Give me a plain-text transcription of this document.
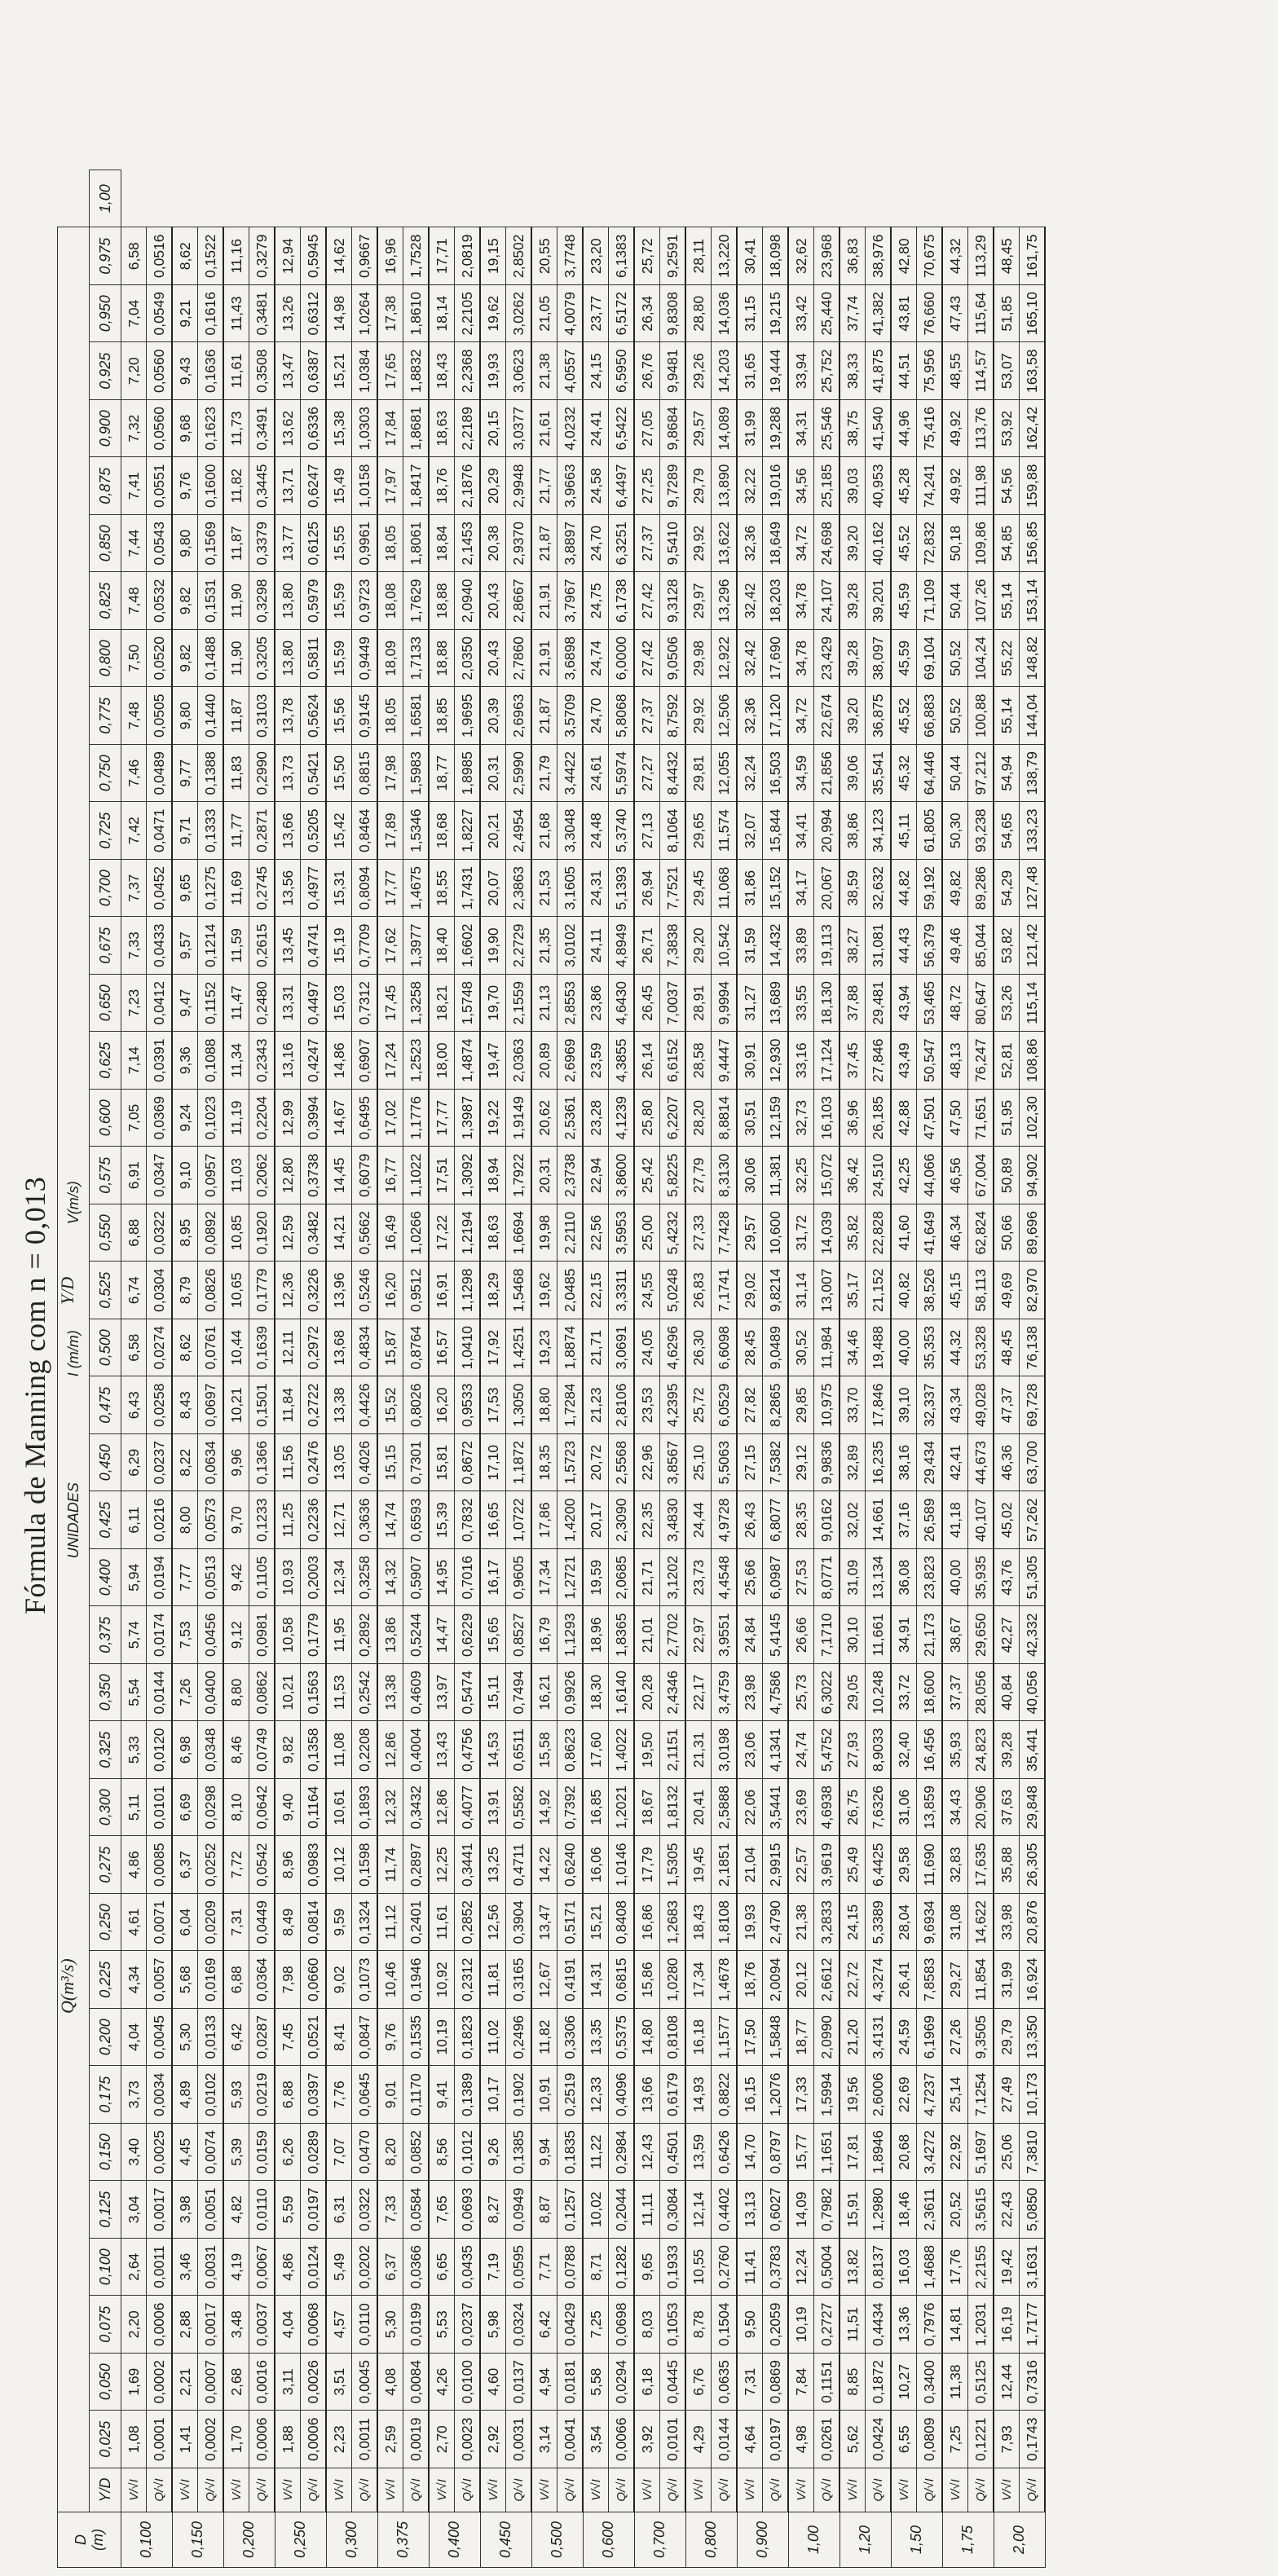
Fórmula de Manning com n = 0,013
Q(m³/s)
Y/D
D
(m)	UNIDADES                          I (m/m)                          V(m/s)																																								
	Y/D	0,025	0,050	0,075	0,100	0,125	0,150	0,175	0,200	0,225	0,250	0,275	0,300	0,325	0,350	0,375	0,400	0,425	0,450	0,475	0,500	0,525	0,550	0,575	0,600	0,625	0,650	0,675	0,700	0,725	0,750	0,775	0,800	0,825	0,850	0,875	0,900	0,925	0,950	0,975	1,00
0,100	V/√I	1,08	1,69	2,20	2,64	3,04	3,40	3,73	4,04	4,34	4,61	4,86	5,11	5,33	5,54	5,74	5,94	6,11	6,29	6,43	6,58	6,74	6,88	6,91	7,05	7,14	7,23	7,33	7,37	7,42	7,46	7,48	7,50	7,48	7,44	7,41	7,32	7,20	7,04	6,58	
	Q/√I	0,0001	0,0002	0,0006	0,0011	0,0017	0,0025	0,0034	0,0045	0,0057	0,0071	0,0085	0,0101	0,0120	0,0144	0,0174	0,0194	0,0216	0,0237	0,0258	0,0274	0,0304	0,0322	0,0347	0,0369	0,0391	0,0412	0,0433	0,0452	0,0471	0,0489	0,0505	0,0520	0,0532	0,0543	0,0551	0,0560	0,0560	0,0549	0,0516	
0,150	V/√I	1,41	2,21	2,88	3,46	3,98	4,45	4,89	5,30	5,68	6,04	6,37	6,69	6,98	7,26	7,53	7,77	8,00	8,22	8,43	8,62	8,79	8,95	9,10	9,24	9,36	9,47	9,57	9,65	9,71	9,77	9,80	9,82	9,82	9,80	9,76	9,68	9,43	9,21	8,62	
	Q/√I	0,0002	0,0007	0,0017	0,0031	0,0051	0,0074	0,0102	0,0133	0,0169	0,0209	0,0252	0,0298	0,0348	0,0400	0,0456	0,0513	0,0573	0,0634	0,0697	0,0761	0,0826	0,0892	0,0957	0,1023	0,1088	0,1152	0,1214	0,1275	0,1333	0,1388	0,1440	0,1488	0,1531	0,1569	0,1600	0,1623	0,1636	0,1616	0,1522	
0,200	V/√I	1,70	2,68	3,48	4,19	4,82	5,39	5,93	6,42	6,88	7,31	7,72	8,10	8,46	8,80	9,12	9,42	9,70	9,96	10,21	10,44	10,65	10,85	11,03	11,19	11,34	11,47	11,59	11,69	11,77	11,83	11,87	11,90	11,90	11,87	11,82	11,73	11,61	11,43	11,16	
	Q/√I	0,0006	0,0016	0,0037	0,0067	0,0110	0,0159	0,0219	0,0287	0,0364	0,0449	0,0542	0,0642	0,0749	0,0862	0,0981	0,1105	0,1233	0,1366	0,1501	0,1639	0,1779	0,1920	0,2062	0,2204	0,2343	0,2480	0,2615	0,2745	0,2871	0,2990	0,3103	0,3205	0,3298	0,3379	0,3445	0,3491	0,3508	0,3481	0,3279	
0,250	V/√I	1,88	3,11	4,04	4,86	5,59	6,26	6,88	7,45	7,98	8,49	8,96	9,40	9,82	10,21	10,58	10,93	11,25	11,56	11,84	12,11	12,36	12,59	12,80	12,99	13,16	13,31	13,45	13,56	13,66	13,73	13,78	13,80	13,80	13,77	13,71	13,62	13,47	13,26	12,94	
	Q/√I	0,0006	0,0026	0,0068	0,0124	0,0197	0,0289	0,0397	0,0521	0,0660	0,0814	0,0983	0,1164	0,1358	0,1563	0,1779	0,2003	0,2236	0,2476	0,2722	0,2972	0,3226	0,3482	0,3738	0,3994	0,4247	0,4497	0,4741	0,4977	0,5205	0,5421	0,5624	0,5811	0,5979	0,6125	0,6247	0,6336	0,6387	0,6312	0,5945	
0,300	V/√I	2,23	3,51	4,57	5,49	6,31	7,07	7,76	8,41	9,02	9,59	10,12	10,61	11,08	11,53	11,95	12,34	12,71	13,05	13,38	13,68	13,96	14,21	14,45	14,67	14,86	15,03	15,19	15,31	15,42	15,50	15,56	15,59	15,59	15,55	15,49	15,38	15,21	14,98	14,62	
	Q/√I	0,0011	0,0045	0,0110	0,0202	0,0322	0,0470	0,0645	0,0847	0,1073	0,1324	0,1598	0,1893	0,2208	0,2542	0,2892	0,3258	0,3636	0,4026	0,4426	0,4834	0,5246	0,5662	0,6079	0,6495	0,6907	0,7312	0,7709	0,8094	0,8464	0,8815	0,9145	0,9449	0,9723	0,9961	1,0158	1,0303	1,0384	1,0264	0,9667	
0,375	V/√I	2,59	4,08	5,30	6,37	7,33	8,20	9,01	9,76	10,46	11,12	11,74	12,32	12,86	13,38	13,86	14,32	14,74	15,15	15,52	15,87	16,20	16,49	16,77	17,02	17,24	17,45	17,62	17,77	17,89	17,98	18,05	18,09	18,08	18,05	17,97	17,84	17,65	17,38	16,96	
	Q/√I	0,0019	0,0084	0,0199	0,0366	0,0584	0,0852	0,1170	0,1535	0,1946	0,2401	0,2897	0,3432	0,4004	0,4609	0,5244	0,5907	0,6593	0,7301	0,8026	0,8764	0,9512	1,0266	1,1022	1,1776	1,2523	1,3258	1,3977	1,4675	1,5346	1,5983	1,6581	1,7133	1,7629	1,8061	1,8417	1,8681	1,8832	1,8610	1,7528	
0,400	V/√I	2,70	4,26	5,53	6,65	7,65	8,56	9,41	10,19	10,92	11,61	12,25	12,86	13,43	13,97	14,47	14,95	15,39	15,81	16,20	16,57	16,91	17,22	17,51	17,77	18,00	18,21	18,40	18,55	18,68	18,77	18,85	18,88	18,88	18,84	18,76	18,63	18,43	18,14	17,71	
	Q/√I	0,0023	0,0100	0,0237	0,0435	0,0693	0,1012	0,1389	0,1823	0,2312	0,2852	0,3441	0,4077	0,4756	0,5474	0,6229	0,7016	0,7832	0,8672	0,9533	1,0410	1,1298	1,2194	1,3092	1,3987	1,4874	1,5748	1,6602	1,7431	1,8227	1,8985	1,9695	2,0350	2,0940	2,1453	2,1876	2,2189	2,2368	2,2105	2,0819	
0,450	V/√I	2,92	4,60	5,98	7,19	8,27	9,26	10,17	11,02	11,81	12,56	13,25	13,91	14,53	15,11	15,65	16,17	16,65	17,10	17,53	17,92	18,29	18,63	18,94	19,22	19,47	19,70	19,90	20,07	20,21	20,31	20,39	20,43	20,43	20,38	20,29	20,15	19,93	19,62	19,15	
	Q/√I	0,0031	0,0137	0,0324	0,0595	0,0949	0,1385	0,1902	0,2496	0,3165	0,3904	0,4711	0,5582	0,6511	0,7494	0,8527	0,9605	1,0722	1,1872	1,3050	1,4251	1,5468	1,6694	1,7922	1,9149	2,0363	2,1559	2,2729	2,3863	2,4954	2,5990	2,6963	2,7860	2,8667	2,9370	2,9948	3,0377	3,0623	3,0262	2,8502	
0,500	V/√I	3,14	4,94	6,42	7,71	8,87	9,94	10,91	11,82	12,67	13,47	14,22	14,92	15,58	16,21	16,79	17,34	17,86	18,35	18,80	19,23	19,62	19,98	20,31	20,62	20,89	21,13	21,35	21,53	21,68	21,79	21,87	21,91	21,91	21,87	21,77	21,61	21,38	21,05	20,55	
	Q/√I	0,0041	0,0181	0,0429	0,0788	0,1257	0,1835	0,2519	0,3306	0,4191	0,5171	0,6240	0,7392	0,8623	0,9926	1,1293	1,2721	1,4200	1,5723	1,7284	1,8874	2,0485	2,2110	2,3738	2,5361	2,6969	2,8553	3,0102	3,1605	3,3048	3,4422	3,5709	3,6898	3,7967	3,8897	3,9663	4,0232	4,0557	4,0079	3,7748	
0,600	V/√I	3,54	5,58	7,25	8,71	10,02	11,22	12,33	13,35	14,31	15,21	16,06	16,85	17,60	18,30	18,96	19,59	20,17	20,72	21,23	21,71	22,15	22,56	22,94	23,28	23,59	23,86	24,11	24,31	24,48	24,61	24,70	24,74	24,75	24,70	24,58	24,41	24,15	23,77	23,20	
	Q/√I	0,0066	0,0294	0,0698	0,1282	0,2044	0,2984	0,4096	0,5375	0,6815	0,8408	1,0146	1,2021	1,4022	1,6140	1,8365	2,0685	2,3090	2,5568	2,8106	3,0691	3,3311	3,5953	3,8600	4,1239	4,3855	4,6430	4,8949	5,1393	5,3740	5,5974	5,8068	6,0000	6,1738	6,3251	6,4497	6,5422	6,5950	6,5172	6,1383	
0,700	V/√I	3,92	6,18	8,03	9,65	11,11	12,43	13,66	14,80	15,86	16,86	17,79	18,67	19,50	20,28	21,01	21,71	22,35	22,96	23,53	24,05	24,55	25,00	25,42	25,80	26,14	26,45	26,71	26,94	27,13	27,27	27,37	27,42	27,42	27,37	27,25	27,05	26,76	26,34	25,72	
	Q/√I	0,0101	0,0445	0,1053	0,1933	0,3084	0,4501	0,6179	0,8108	1,0280	1,2683	1,5305	1,8132	2,1151	2,4346	2,7702	3,1202	3,4830	3,8567	4,2395	4,6296	5,0248	5,4232	5,8225	6,2207	6,6152	7,0037	7,3838	7,7521	8,1064	8,4432	8,7592	9,0506	9,3128	9,5410	9,7289	9,8684	9,9481	9,8308	9,2591	
0,800	V/√I	4,29	6,76	8,78	10,55	12,14	13,59	14,93	16,18	17,34	18,43	19,45	20,41	21,31	22,17	22,97	23,73	24,44	25,10	25,72	26,30	26,83	27,33	27,79	28,20	28,58	28,91	29,20	29,45	29,65	29,81	29,92	29,98	29,97	29,92	29,79	29,57	29,26	28,80	28,11	
	Q/√I	0,0144	0,0635	0,1504	0,2760	0,4402	0,6426	0,8822	1,1577	1,4678	1,8108	2,1851	2,5888	3,0198	3,4759	3,9551	4,4548	4,9728	5,5063	6,0529	6,6098	7,1741	7,7428	8,3130	8,8814	9,4447	9,9994	10,542	11,068	11,574	12,055	12,506	12,922	13,296	13,622	13,890	14,089	14,203	14,036	13,220	
0,900	V/√I	4,64	7,31	9,50	11,41	13,13	14,70	16,15	17,50	18,76	19,93	21,04	22,06	23,06	23,98	24,84	25,66	26,43	27,15	27,82	28,45	29,02	29,57	30,06	30,51	30,91	31,27	31,59	31,86	32,07	32,24	32,36	32,42	32,42	32,36	32,22	31,99	31,65	31,15	30,41	
	Q/√I	0,0197	0,0869	0,2059	0,3783	0,6027	0,8797	1,2076	1,5848	2,0094	2,4790	2,9915	3,5441	4,1341	4,7586	5,4145	6,0987	6,8077	7,5382	8,2865	9,0489	9,8214	10,600	11,381	12,159	12,930	13,689	14,432	15,152	15,844	16,503	17,120	17,690	18,203	18,649	19,016	19,288	19,444	19,215	18,098	
1,00	V/√I	4,98	7,84	10,19	12,24	14,09	15,77	17,33	18,77	20,12	21,38	22,57	23,69	24,74	25,73	26,66	27,53	28,35	29,12	29,85	30,52	31,14	31,72	32,25	32,73	33,16	33,55	33,89	34,17	34,41	34,59	34,72	34,78	34,78	34,72	34,56	34,31	33,94	33,42	32,62	
	Q/√I	0,0261	0,1151	0,2727	0,5004	0,7982	1,1651	1,5994	2,0990	2,6612	3,2833	3,9619	4,6938	5,4752	6,3022	7,1710	8,0771	9,0162	9,9836	10,975	11,984	13,007	14,039	15,072	16,103	17,124	18,130	19,113	20,067	20,994	21,856	22,674	23,429	24,107	24,698	25,185	25,546	25,752	25,440	23,968	
1,20	V/√I	5,62	8,85	11,51	13,82	15,91	17,81	19,56	21,20	22,72	24,15	25,49	26,75	27,93	29,05	30,10	31,09	32,02	32,89	33,70	34,46	35,17	35,82	36,42	36,96	37,45	37,88	38,27	38,59	38,86	39,06	39,20	39,28	39,28	39,20	39,03	38,75	38,33	37,74	36,83	
	Q/√I	0,0424	0,1872	0,4434	0,8137	1,2980	1,8946	2,6006	3,4131	4,3274	5,3389	6,4425	7,6326	8,9033	10,248	11,661	13,134	14,661	16,235	17,846	19,488	21,152	22,828	24,510	26,185	27,846	29,481	31,081	32,632	34,123	35,541	36,875	38,097	39,201	40,162	40,953	41,540	41,875	41,382	38,976	
1,50	V/√I	6,55	10,27	13,36	16,03	18,46	20,68	22,69	24,59	26,41	28,04	29,58	31,06	32,40	33,72	34,91	36,08	37,16	38,16	39,10	40,00	40,82	41,60	42,25	42,88	43,49	43,94	44,43	44,82	45,11	45,32	45,52	45,59	45,59	45,52	45,28	44,96	44,51	43,81	42,80	
	Q/√I	0,0809	0,3400	0,7976	1,4688	2,3611	3,4272	4,7237	6,1969	7,8583	9,6934	11,690	13,859	16,456	18,600	21,173	23,823	26,589	29,434	32,337	35,353	38,526	41,649	44,066	47,501	50,547	53,465	56,379	59,192	61,805	64,446	66,883	69,104	71,109	72,832	74,241	75,416	75,956	76,660	70,675	
1,75	V/√I	7,25	11,38	14,81	17,76	20,52	22,92	25,14	27,26	29,27	31,08	32,83	34,43	35,93	37,37	38,67	40,00	41,18	42,41	43,34	44,32	45,15	46,34	46,56	47,50	48,13	48,72	49,46	49,82	50,30	50,44	50,52	50,52	50,44	50,18	49,92	49,92	48,55	47,43	44,32	
	Q/√I	0,1221	0,5125	1,2031	2,2155	3,5615	5,1697	7,1254	9,3505	11,854	14,622	17,635	20,906	24,823	28,056	29,650	35,935	40,107	44,673	49,028	53,328	58,113	62,824	67,004	71,651	76,247	80,647	85,044	89,286	93,238	97,212	100,88	104,24	107,26	109,86	111,98	113,76	114,57	115,64	113,29	
2,00	V/√I	7,93	12,44	16,19	19,42	22,43	25,06	27,49	29,79	31,99	33,98	35,88	37,63	39,28	40,84	42,27	43,76	45,02	46,36	47,37	48,45	49,69	50,66	50,89	51,95	52,81	53,26	53,82	54,29	54,65	54,94	55,14	55,22	55,14	54,85	54,56	53,92	53,07	51,85	48,45	
	Q/√I	0,1743	0,7316	1,7177	3,1631	5,0850	7,3810	10,173	13,350	16,924	20,876	26,305	29,848	35,441	40,056	42,332	51,305	57,262	63,700	69,728	76,138	82,970	89,696	94,902	102,30	108,86	115,14	121,42	127,48	133,23	138,79	144,04	148,82	153,14	156,85	159,88	162,42	163,58	165,10	161,75	
